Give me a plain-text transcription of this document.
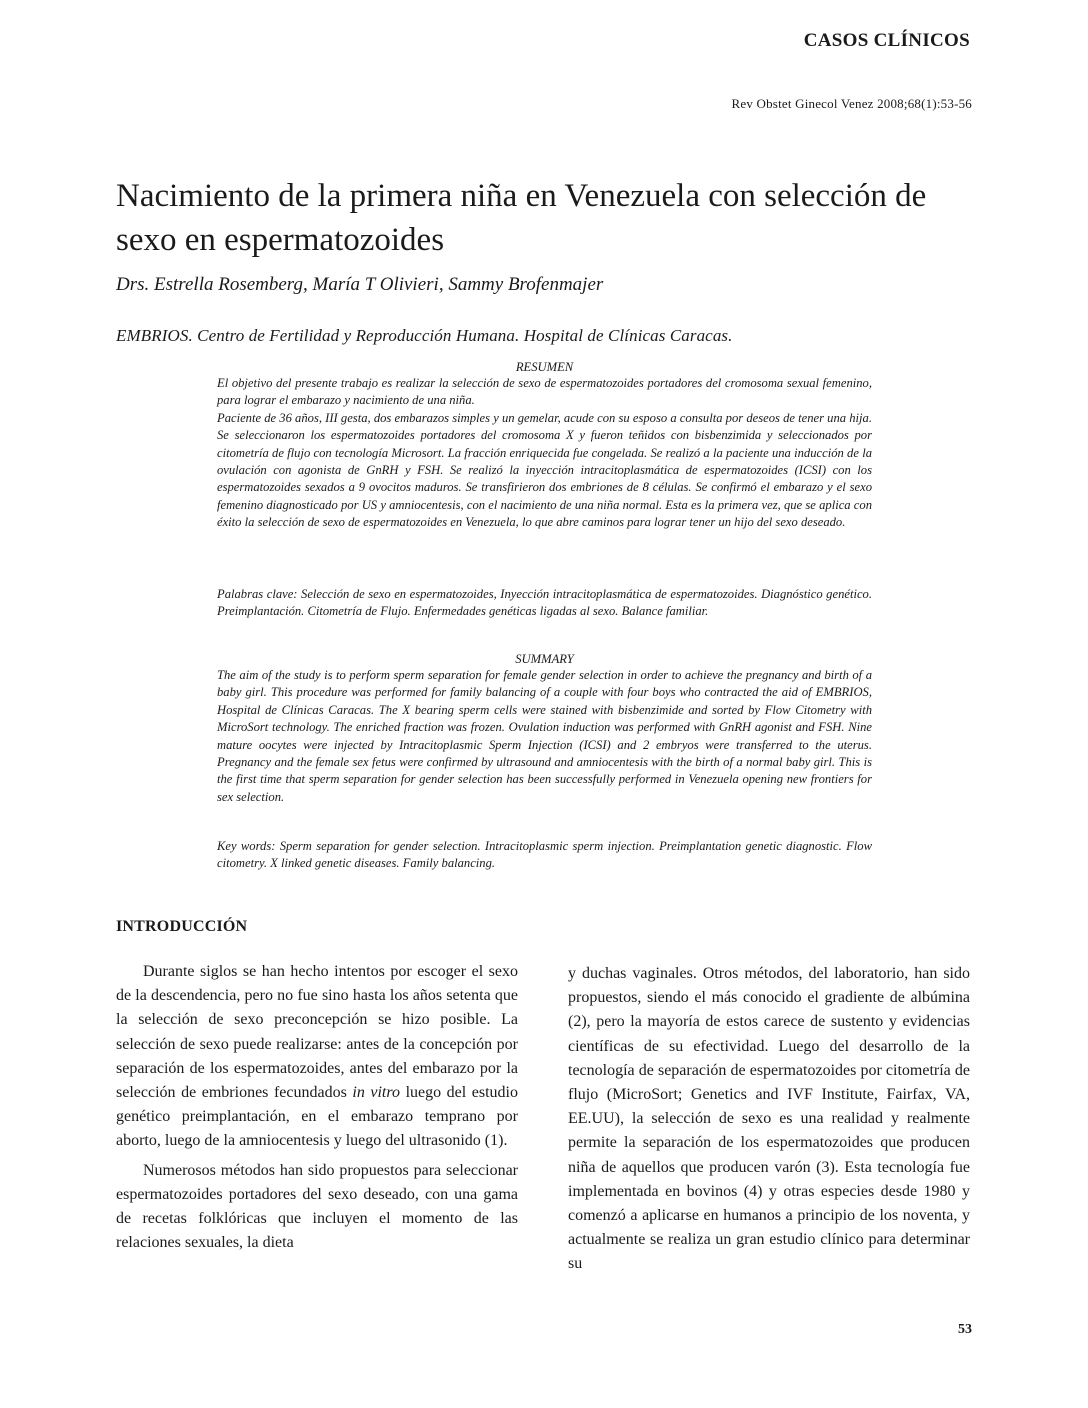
CASOS CLÍNICOS
Rev Obstet Ginecol Venez 2008;68(1):53-56
Nacimiento de la primera niña en Venezuela con selección de sexo en espermatozoides
Drs. Estrella Rosemberg, María T Olivieri, Sammy Brofenmajer
EMBRIOS. Centro de Fertilidad y Reproducción Humana. Hospital de Clínicas Caracas.
RESUMEN

El objetivo del presente trabajo es realizar la selección de sexo de espermatozoides portadores del cromosoma sexual femenino, para lograr el embarazo y nacimiento de una niña.

Paciente de 36 años, III gesta, dos embarazos simples y un gemelar, acude con su esposo a consulta por deseos de tener una hija. Se seleccionaron los espermatozoides portadores del cromosoma X y fueron teñidos con bisbenzimida y seleccionados por citometría de flujo con tecnología Microsort. La fracción enriquecida fue congelada. Se realizó a la paciente una inducción de la ovulación con agonista de GnRH y FSH. Se realizó la inyección intracitoplasmática de espermatozoides (ICSI) con los espermatozoides sexados a 9 ovocitos maduros. Se transfirieron dos embriones de 8 células. Se confirmó el embarazo y el sexo femenino diagnosticado por US y amniocentesis, con el nacimiento de una niña normal. Esta es la primera vez, que se aplica con éxito la selección de sexo de espermatozoides en Venezuela, lo que abre caminos para lograr tener un hijo del sexo deseado.

Palabras clave: Selección de sexo en espermatozoides, Inyección intracitoplasmática de espermatozoides. Diagnóstico genético. Preimplantación. Citometría de Flujo. Enfermedades genéticas ligadas al sexo. Balance familiar.

SUMMARY

The aim of the study is to perform sperm separation for female gender selection in order to achieve the pregnancy and birth of a baby girl. This procedure was performed for family balancing of a couple with four boys who contracted the aid of EMBRIOS, Hospital de Clínicas Caracas. The X bearing sperm cells were stained with bisbenzimide and sorted by Flow Citometry with MicroSort technology. The enriched fraction was frozen. Ovulation induction was performed with GnRH agonist and FSH. Nine mature oocytes were injected by Intracitoplasmic Sperm Injection (ICSI) and 2 embryos were transferred to the uterus. Pregnancy and the female sex fetus were confirmed by ultrasound and amniocentesis with the birth of a normal baby girl. This is the first time that sperm separation for gender selection has been successfully performed in Venezuela opening new frontiers for sex selection.

Key words: Sperm separation for gender selection. Intracitoplasmic sperm injection. Preimplantation genetic diagnostic. Flow citometry. X linked genetic diseases. Family balancing.

INTRODUCCIÓN

Durante siglos se han hecho intentos por escoger el sexo de la descendencia, pero no fue sino hasta los años setenta que la selección de sexo preconcepción se hizo posible. La selección de sexo puede realizarse: antes de la concepción por separación de los espermatozoides, antes del embarazo por la selección de embriones fecundados in vitro luego del estudio genético preimplantación, en el embarazo temprano por aborto, luego de la amniocentesis y luego del ultrasonido (1).

Numerosos métodos han sido propuestos para seleccionar espermatozoides portadores del sexo deseado, con una gama de recetas folklóricas que incluyen el momento de las relaciones sexuales, la dieta

y duchas vaginales. Otros métodos, del laboratorio, han sido propuestos, siendo el más conocido el gradiente de albúmina (2), pero la mayoría de estos carece de sustento y evidencias científicas de su efectividad. Luego del desarrollo de la tecnología de separación de espermatozoides por citometría de flujo (MicroSort; Genetics and IVF Institute, Fairfax, VA, EE.UU), la selección de sexo es una realidad y realmente permite la separación de los espermatozoides que producen niña de aquellos que producen varón (3). Esta tecnología fue implementada en bovinos (4) y otras especies desde 1980 y comenzó a aplicarse en humanos a principio de los noventa, y actualmente se realiza un gran estudio clínico para determinar su

53
